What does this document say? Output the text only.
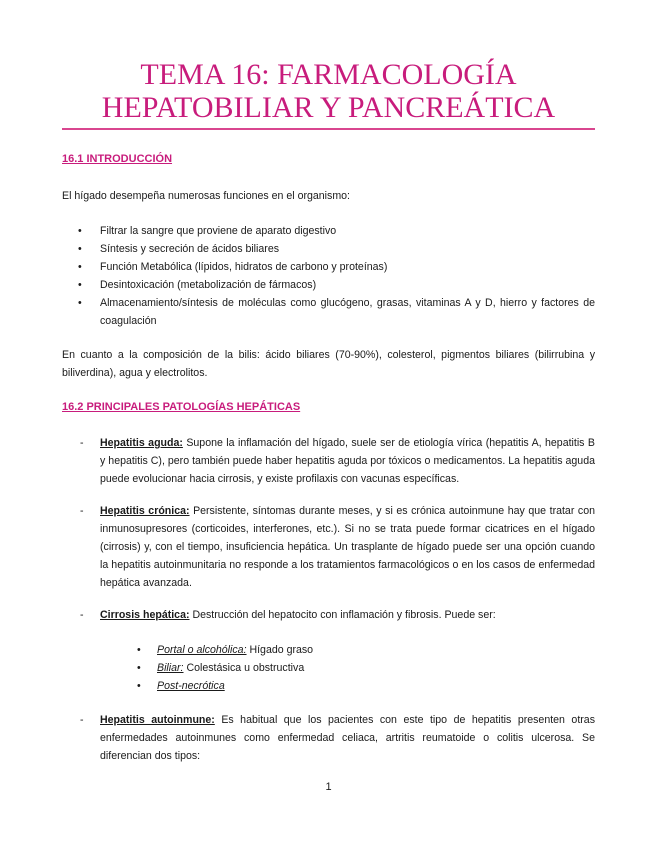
TEMA 16: FARMACOLOGÍA
HEPATOBILIAR Y PANCREÁTICA
16.1 INTRODUCCIÓN

El hígado desempeña numerosas funciones en el organismo:

• Filtrar la sangre que proviene de aparato digestivo
• Síntesis y secreción de ácidos biliares
• Función Metabólica (lípidos, hidratos de carbono y proteínas)
• Desintoxicación (metabolización de fármacos)
• Almacenamiento/síntesis de moléculas como glucógeno, grasas, vitaminas A y D, hierro y factores de coagulación

En cuanto a la composición de la bilis: ácido biliares (70-90%), colesterol, pigmentos biliares (bilirrubina y biliverdina), agua y electrolitos.

16.2 PRINCIPALES PATOLOGÍAS HEPÁTICAS
- Hepatitis aguda: Supone la inflamación del hígado, suele ser de etiología vírica (hepatitis A, hepatitis B y hepatitis C), pero también puede haber hepatitis aguda por tóxicos o medicamentos. La hepatitis aguda puede evolucionar hacia cirrosis, y existe profilaxis con vacunas específicas.
- Hepatitis crónica: Persistente, síntomas durante meses, y si es crónica autoinmune hay que tratar con inmunosupresores (corticoides, interferones, etc.). Si no se trata puede formar cicatrices en el hígado (cirrosis) y, con el tiempo, insuficiencia hepática. Un trasplante de hígado puede ser una opción cuando la hepatitis autoinmunitaria no responde a los tratamientos farmacológicos o en los casos de enfermedad hepática avanzada.
- Cirrosis hepática: Destrucción del hepatocito con inflamación y fibrosis. Puede ser:
• Portal o alcohólica: Hígado graso
• Biliar: Colestásica u obstructiva
• Post-necrótica
- Hepatitis autoinmune: Es habitual que los pacientes con este tipo de hepatitis presenten otras enfermedades autoinmunes como enfermedad celiaca, artritis reumatoide o colitis ulcerosa. Se diferencian dos tipos:
1
